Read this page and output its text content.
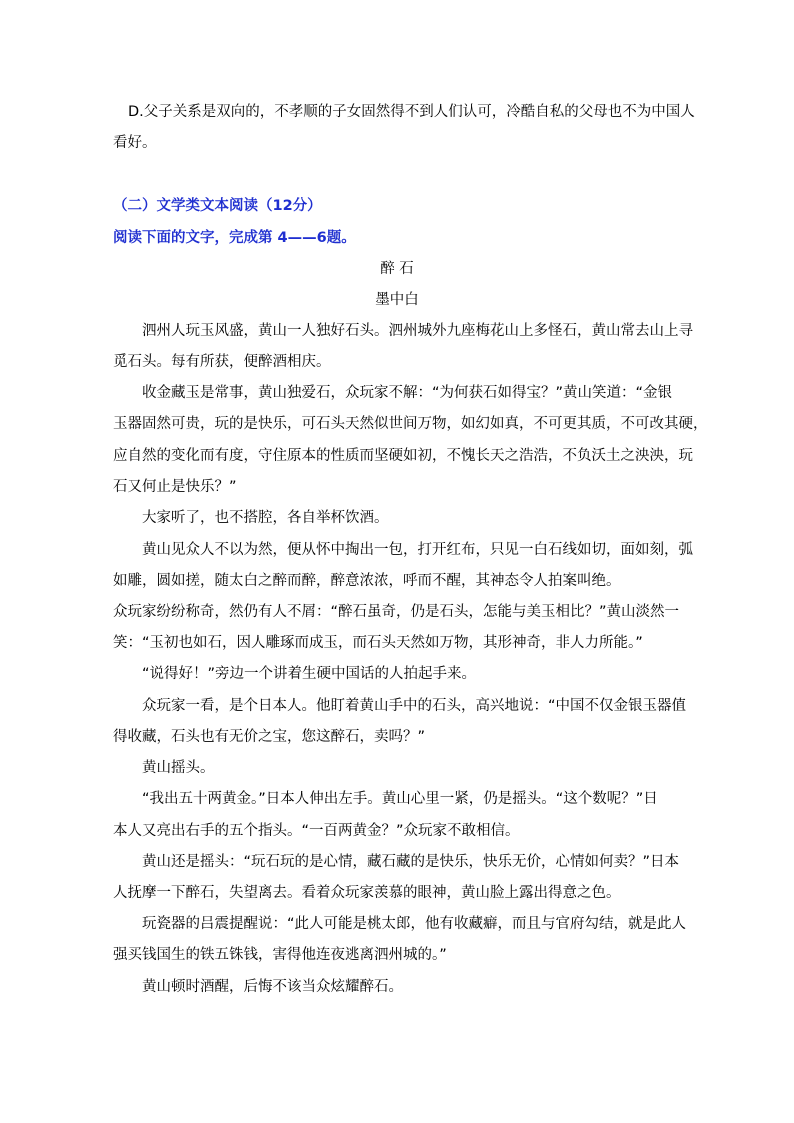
D.父子关系是双向的，不孝顺的子女固然得不到人们认可，冷酷自私的父母也不为中国人
看好。
（二）文学类文本阅读（12分）
阅读下面的文字，完成第 4——6题。
醉 石
墨中白
泗州人玩玉风盛，黄山一人独好石头。泗州城外九座梅花山上多怪石，黄山常去山上寻
觅石头。每有所获，便醉酒相庆。
收金藏玉是常事，黄山独爱石，众玩家不解：“为何获石如得宝？”黄山笑道：“金银
玉器固然可贵，玩的是快乐，可石头天然似世间万物，如幻如真，不可更其质，不可改其硬，
应自然的变化而有度，守住原本的性质而坚硬如初，不愧长天之浩浩，不负沃土之泱泱，玩
石又何止是快乐？”
大家听了，也不搭腔，各自举杯饮酒。
黄山见众人不以为然，便从怀中掏出一包，打开红布，只见一白石线如切，面如刻，弧
如雕，圆如搓，随太白之醉而醉，醉意浓浓，呼而不醒，其神态令人拍案叫绝。
众玩家纷纷称奇，然仍有人不屑：“醉石虽奇，仍是石头，怎能与美玉相比？”黄山淡然一
笑：“玉初也如石，因人雕琢而成玉，而石头天然如万物，其形神奇，非人力所能。”
“说得好！”旁边一个讲着生硬中国话的人拍起手来。
众玩家一看，是个日本人。他盯着黄山手中的石头，高兴地说：“中国不仅金银玉器值
得收藏，石头也有无价之宝，您这醉石，卖吗？”
黄山摇头。
“我出五十两黄金。”日本人伸出左手。黄山心里一紧，仍是摇头。“这个数呢？”日
本人又亮出右手的五个指头。“一百两黄金？”众玩家不敢相信。
黄山还是摇头：“玩石玩的是心情，藏石藏的是快乐，快乐无价，心情如何卖？”日本
人抚摩一下醉石，失望离去。看着众玩家羡慕的眼神，黄山脸上露出得意之色。
玩瓷器的吕震提醒说：“此人可能是桃太郎，他有收藏癖，而且与官府勾结，就是此人
强买钱国生的铁五铢钱，害得他连夜逃离泗州城的。”
黄山顿时酒醒，后悔不该当众炫耀醉石。
